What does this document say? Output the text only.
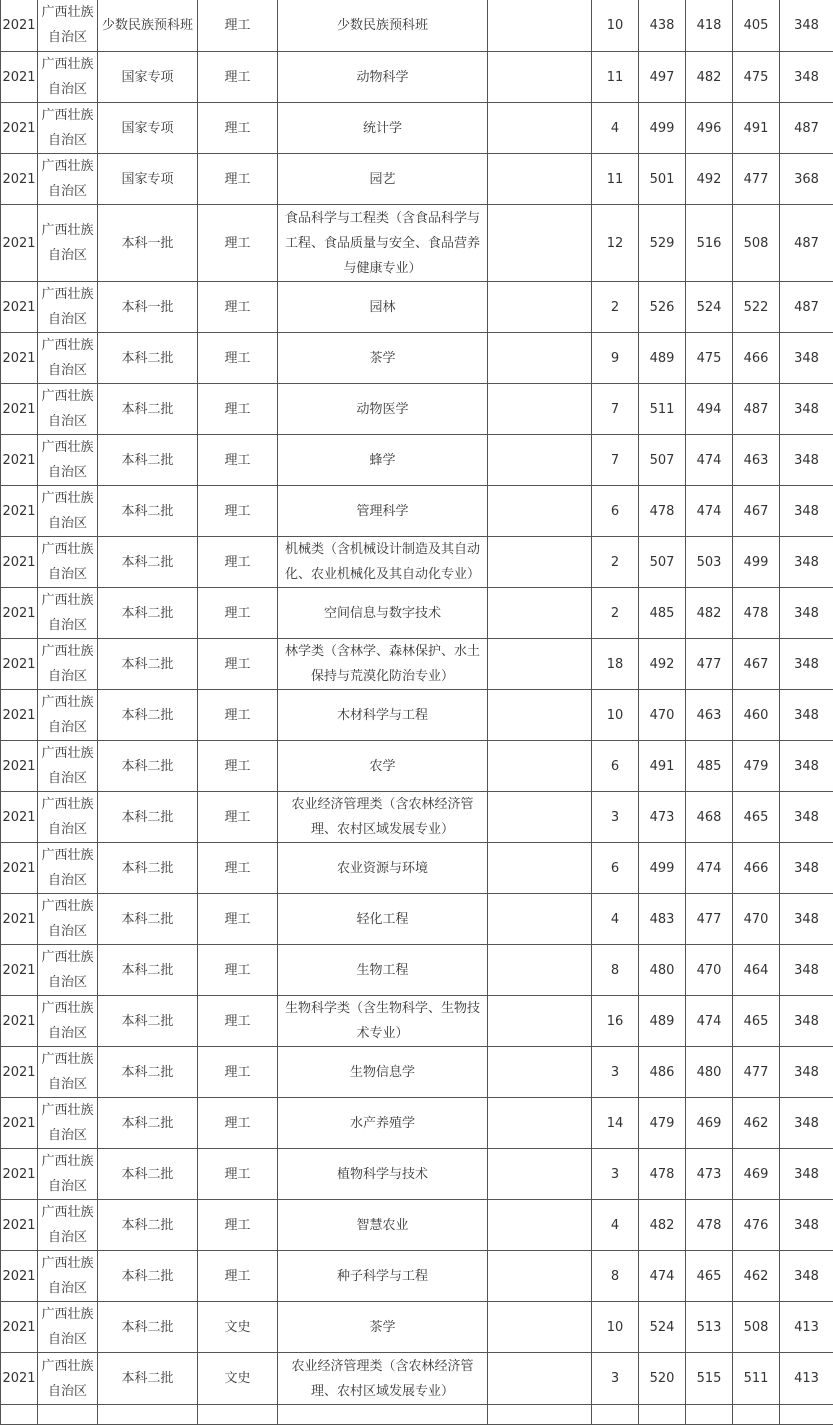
2021	广西壮族自治区	少数民族预科班	理工	少数民族预科班		10	438	418	405	348
2021	广西壮族自治区	国家专项	理工	动物科学		11	497	482	475	348
2021	广西壮族自治区	国家专项	理工	统计学		4	499	496	491	487
2021	广西壮族自治区	国家专项	理工	园艺		11	501	492	477	368
2021	广西壮族自治区	本科一批	理工	食品科学与工程类（含食品科学与工程、食品质量与安全、食品营养与健康专业）		12	529	516	508	487
2021	广西壮族自治区	本科一批	理工	园林		2	526	524	522	487
2021	广西壮族自治区	本科二批	理工	茶学		9	489	475	466	348
2021	广西壮族自治区	本科二批	理工	动物医学		7	511	494	487	348
2021	广西壮族自治区	本科二批	理工	蜂学		7	507	474	463	348
2021	广西壮族自治区	本科二批	理工	管理科学		6	478	474	467	348
2021	广西壮族自治区	本科二批	理工	机械类（含机械设计制造及其自动化、农业机械化及其自动化专业）		2	507	503	499	348
2021	广西壮族自治区	本科二批	理工	空间信息与数字技术		2	485	482	478	348
2021	广西壮族自治区	本科二批	理工	林学类（含林学、森林保护、水土保持与荒漠化防治专业）		18	492	477	467	348
2021	广西壮族自治区	本科二批	理工	木材科学与工程		10	470	463	460	348
2021	广西壮族自治区	本科二批	理工	农学		6	491	485	479	348
2021	广西壮族自治区	本科二批	理工	农业经济管理类（含农林经济管理、农村区域发展专业）		3	473	468	465	348
2021	广西壮族自治区	本科二批	理工	农业资源与环境		6	499	474	466	348
2021	广西壮族自治区	本科二批	理工	轻化工程		4	483	477	470	348
2021	广西壮族自治区	本科二批	理工	生物工程		8	480	470	464	348
2021	广西壮族自治区	本科二批	理工	生物科学类（含生物科学、生物技术专业）		16	489	474	465	348
2021	广西壮族自治区	本科二批	理工	生物信息学		3	486	480	477	348
2021	广西壮族自治区	本科二批	理工	水产养殖学		14	479	469	462	348
2021	广西壮族自治区	本科二批	理工	植物科学与技术		3	478	473	469	348
2021	广西壮族自治区	本科二批	理工	智慧农业		4	482	478	476	348
2021	广西壮族自治区	本科二批	理工	种子科学与工程		8	474	465	462	348
2021	广西壮族自治区	本科二批	文史	茶学		10	524	513	508	413
2021	广西壮族自治区	本科二批	文史	农业经济管理类（含农林经济管理、农村区域发展专业）		3	520	515	511	413
